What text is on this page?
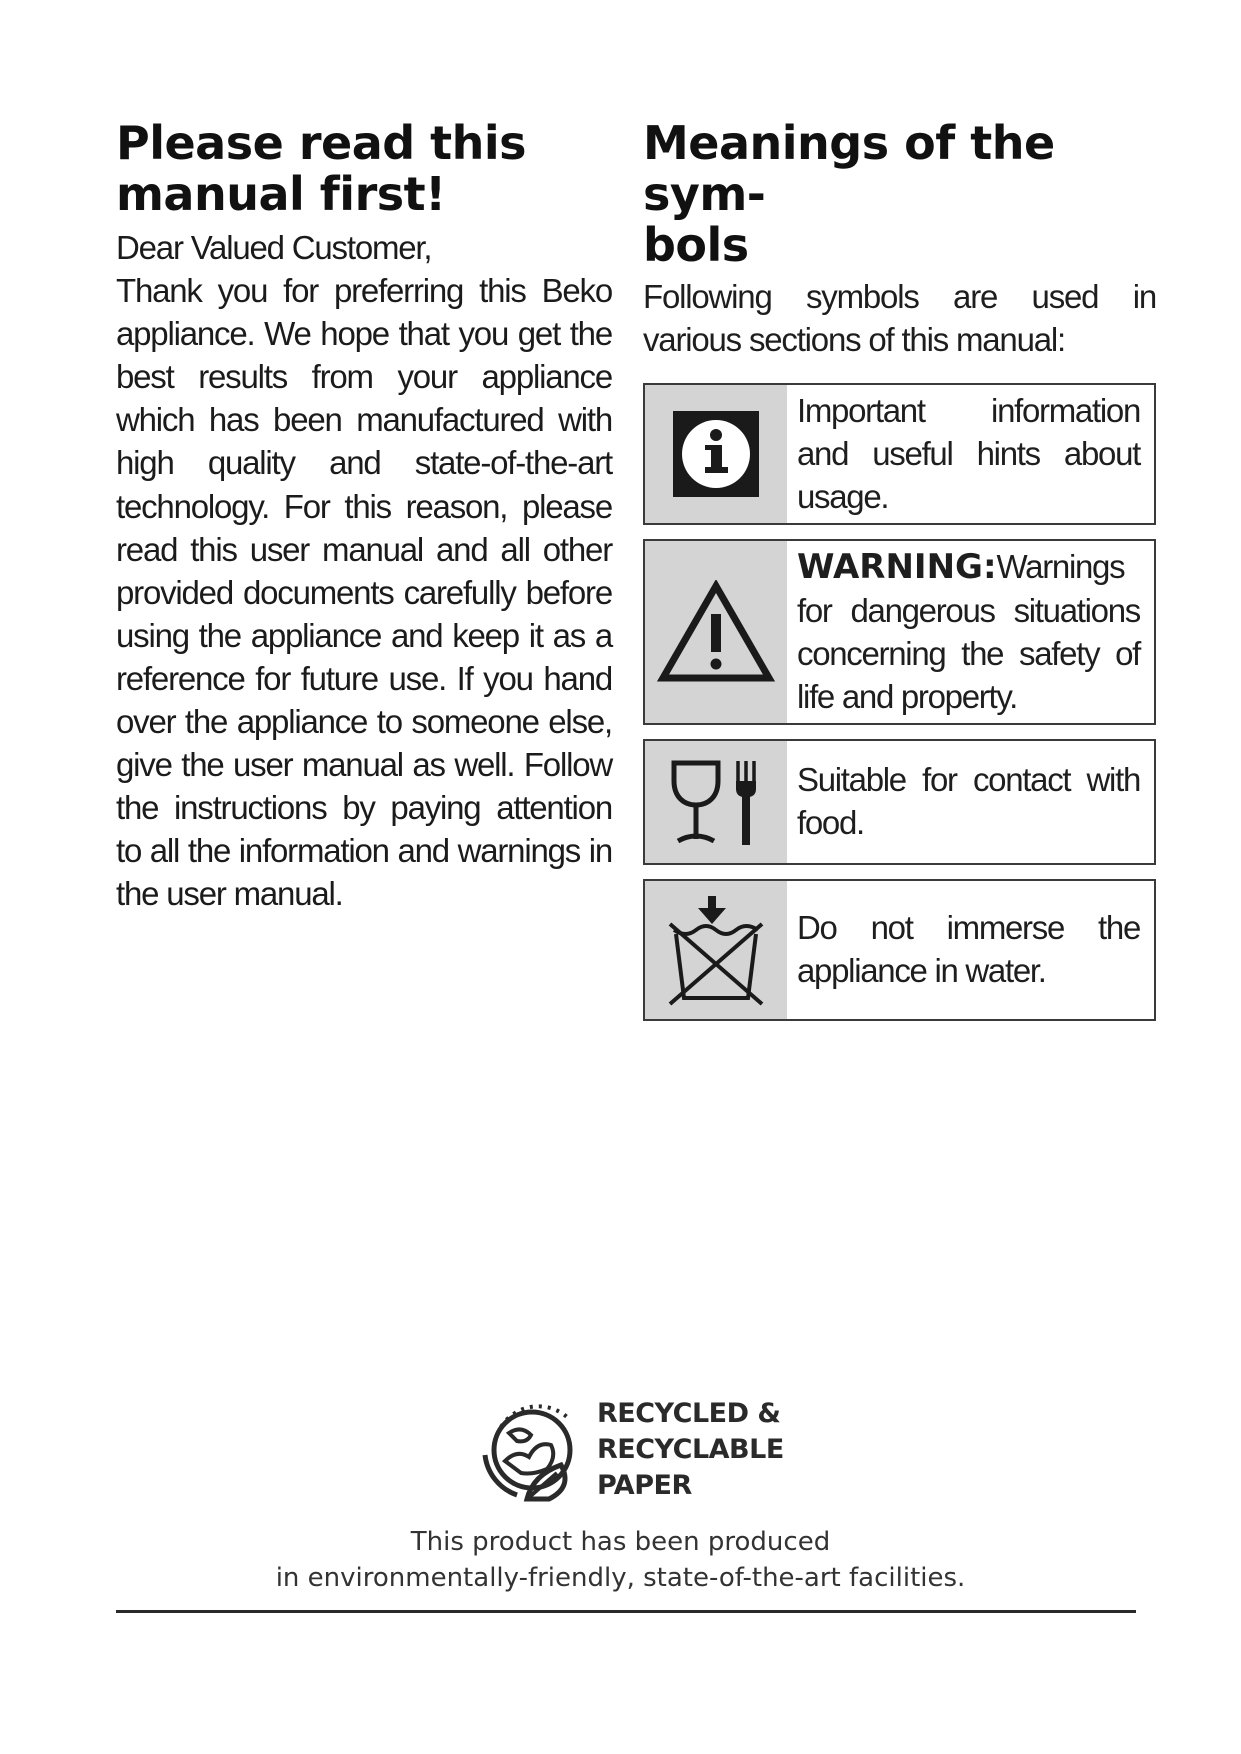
Please read this
manual first!
Dear Valued Customer,
Thank you for preferring this Beko appliance. We hope that you get the best results from your appliance which has been manufactured with high quality and state-of-the-art technology. For this reason, please read this user manual and all other provided documents carefully before using the appliance and keep it as a reference for future use. If you hand over the appliance to someone else, give the user manual as well. Follow the instructions by paying attention to all the information and warnings in the user manual.
Meanings of the sym-
bols
Following symbols are used in various sections of this manual:
Important information and useful hints about usage.
WARNING:Warnings for dangerous situations concerning the safety of life and property.
Suitable for contact with food.
Do not immerse the appliance in water.
RECYCLED &
RECYCLABLE
PAPER
This product has been produced
in environmentally-friendly, state-of-the-art facilities.
